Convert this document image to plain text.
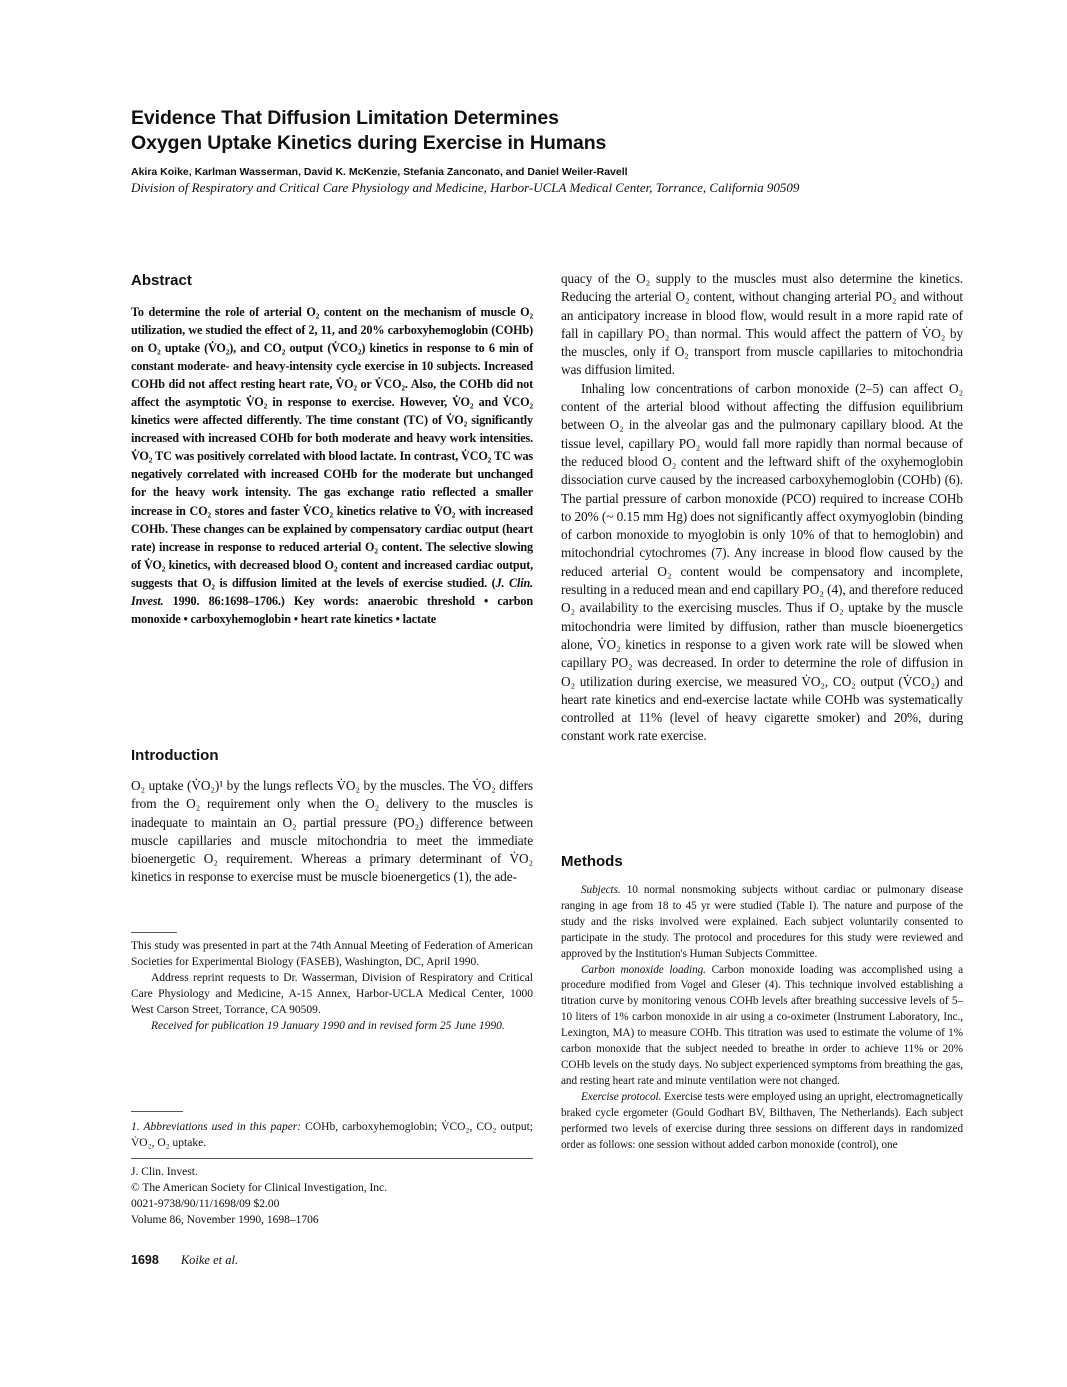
Evidence That Diffusion Limitation Determines
Oxygen Uptake Kinetics during Exercise in Humans
Akira Koike, Karlman Wasserman, David K. McKenzie, Stefania Zanconato, and Daniel Weiler-Ravell
Division of Respiratory and Critical Care Physiology and Medicine, Harbor-UCLA Medical Center, Torrance, California 90509
Abstract

To determine the role of arterial O₂ content on the mechanism of muscle O₂ utilization, we studied the effect of 2, 11, and 20% carboxyhemoglobin (COHb) on O₂ uptake (V̇O₂), and CO₂ output (V̇CO₂) kinetics in response to 6 min of constant moderate- and heavy-intensity cycle exercise in 10 subjects. Increased COHb did not affect resting heart rate, V̇O₂ or V̇CO₂. Also, the COHb did not affect the asymptotic V̇O₂ in response to exercise. However, V̇O₂ and V̇CO₂ kinetics were affected differently. The time constant (TC) of V̇O₂ significantly increased with increased COHb for both moderate and heavy work intensities. V̇O₂ TC was positively correlated with blood lactate. In contrast, V̇CO₂ TC was negatively correlated with increased COHb for the moderate but unchanged for the heavy work intensity. The gas exchange ratio reflected a smaller increase in CO₂ stores and faster V̇CO₂ kinetics relative to V̇O₂ with increased COHb. These changes can be explained by compensatory cardiac output (heart rate) increase in response to reduced arterial O₂ content. The selective slowing of V̇O₂ kinetics, with decreased blood O₂ content and increased cardiac output, suggests that O₂ is diffusion limited at the levels of exercise studied. (J. Clin. Invest. 1990. 86:1698–1706.) Key words: anaerobic threshold • carbon monoxide • carboxyhemoglobin • heart rate kinetics • lactate

Introduction

O₂ uptake (V̇O₂)¹ by the lungs reflects V̇O₂ by the muscles. The V̇O₂ differs from the O₂ requirement only when the O₂ delivery to the muscles is inadequate to maintain an O₂ partial pressure (PO₂) difference between muscle capillaries and muscle mitochondria to meet the immediate bioenergetic O₂ requirement. Whereas a primary determinant of V̇O₂ kinetics in response to exercise must be muscle bioenergetics (1), the ade-

This study was presented in part at the 74th Annual Meeting of Federation of American Societies for Experimental Biology (FASEB), Washington, DC, April 1990.

Address reprint requests to Dr. Wasserman, Division of Respiratory and Critical Care Physiology and Medicine, A-15 Annex, Harbor-UCLA Medical Center, 1000 West Carson Street, Torrance, CA 90509.

Received for publication 19 January 1990 and in revised form 25 June 1990.

1. Abbreviations used in this paper: COHb, carboxyhemoglobin; V̇CO₂, CO₂ output; V̇O₂, O₂ uptake.

J. Clin. Invest.
© The American Society for Clinical Investigation, Inc.
0021-9738/90/11/1698/09 $2.00
Volume 86, November 1990, 1698–1706
1698 Koike et al.

quacy of the O₂ supply to the muscles must also determine the kinetics. Reducing the arterial O₂ content, without changing arterial PO₂ and without an anticipatory increase in blood flow, would result in a more rapid rate of fall in capillary PO₂ than normal. This would affect the pattern of V̇O₂ by the muscles, only if O₂ transport from muscle capillaries to mitochondria was diffusion limited.

Inhaling low concentrations of carbon monoxide (2–5) can affect O₂ content of the arterial blood without affecting the diffusion equilibrium between O₂ in the alveolar gas and the pulmonary capillary blood. At the tissue level, capillary PO₂ would fall more rapidly than normal because of the reduced blood O₂ content and the leftward shift of the oxyhemoglobin dissociation curve caused by the increased carboxyhemoglobin (COHb) (6). The partial pressure of carbon monoxide (PCO) required to increase COHb to 20% (~ 0.15 mm Hg) does not significantly affect oxymyoglobin (binding of carbon monoxide to myoglobin is only 10% of that to hemoglobin) and mitochondrial cytochromes (7). Any increase in blood flow caused by the reduced arterial O₂ content would be compensatory and incomplete, resulting in a reduced mean and end capillary PO₂ (4), and therefore reduced O₂ availability to the exercising muscles. Thus if O₂ uptake by the muscle mitochondria were limited by diffusion, rather than muscle bioenergetics alone, V̇O₂ kinetics in response to a given work rate will be slowed when capillary PO₂ was decreased. In order to determine the role of diffusion in O₂ utilization during exercise, we measured V̇O₂, CO₂ output (V̇CO₂) and heart rate kinetics and end-exercise lactate while COHb was systematically controlled at 11% (level of heavy cigarette smoker) and 20%, during constant work rate exercise.

Methods

Subjects. 10 normal nonsmoking subjects without cardiac or pulmonary disease ranging in age from 18 to 45 yr were studied (Table I). The nature and purpose of the study and the risks involved were explained. Each subject voluntarily consented to participate in the study. The protocol and procedures for this study were reviewed and approved by the Institution's Human Subjects Committee.

Carbon monoxide loading. Carbon monoxide loading was accomplished using a procedure modified from Vogel and Gleser (4). This technique involved establishing a titration curve by monitoring venous COHb levels after breathing successive levels of 5–10 liters of 1% carbon monoxide in air using a co-oximeter (Instrument Laboratory, Inc., Lexington, MA) to measure COHb. This titration was used to estimate the volume of 1% carbon monoxide that the subject needed to breathe in order to achieve 11% or 20% COHb levels on the study days. No subject experienced symptoms from breathing the gas, and resting heart rate and minute ventilation were not changed.

Exercise protocol. Exercise tests were employed using an upright, electromagnetically braked cycle ergometer (Gould Godhart BV, Bilthaven, The Netherlands). Each subject performed two levels of exercise during three sessions on different days in randomized order as follows: one session without added carbon monoxide (control), one
